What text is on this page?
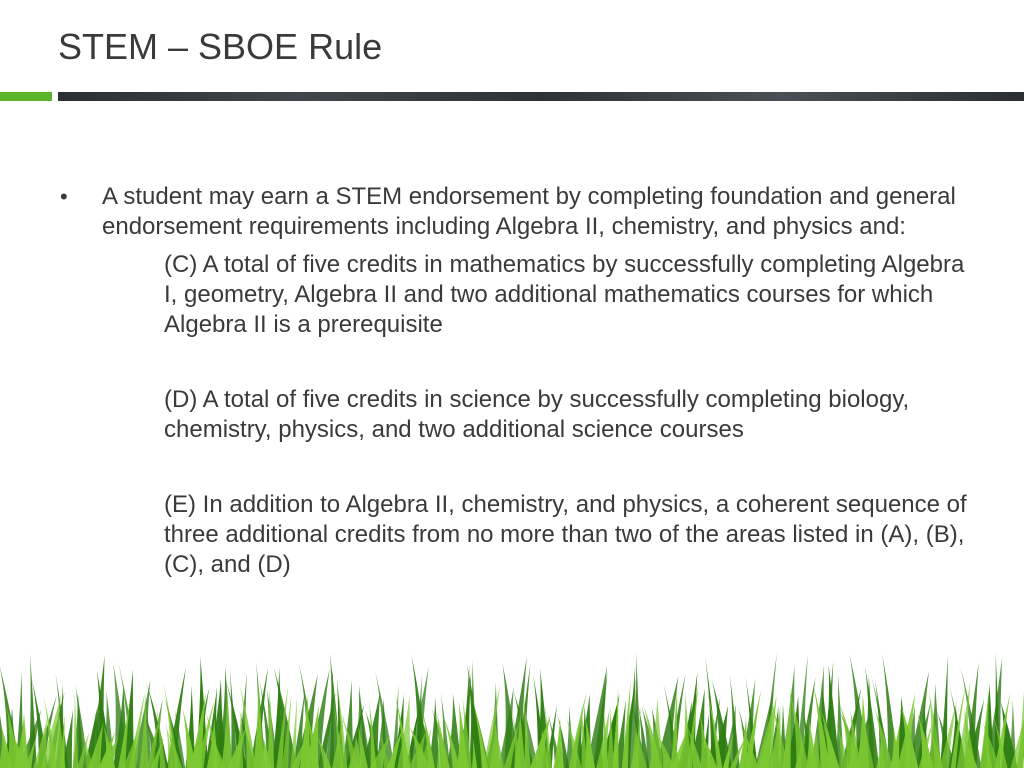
STEM – SBOE Rule
•	A student may earn a STEM endorsement by completing foundation and general endorsement requirements including Algebra II, chemistry, and physics and:
(C) A total of five credits in mathematics by successfully completing Algebra I, geometry, Algebra II and two additional mathematics courses for which Algebra II is a prerequisite
(D) A total of five credits in science by successfully completing biology, chemistry, physics, and two additional science courses
(E) In addition to Algebra II, chemistry, and physics, a coherent sequence of three additional credits from no more than two of the areas listed in (A), (B), (C), and (D)
